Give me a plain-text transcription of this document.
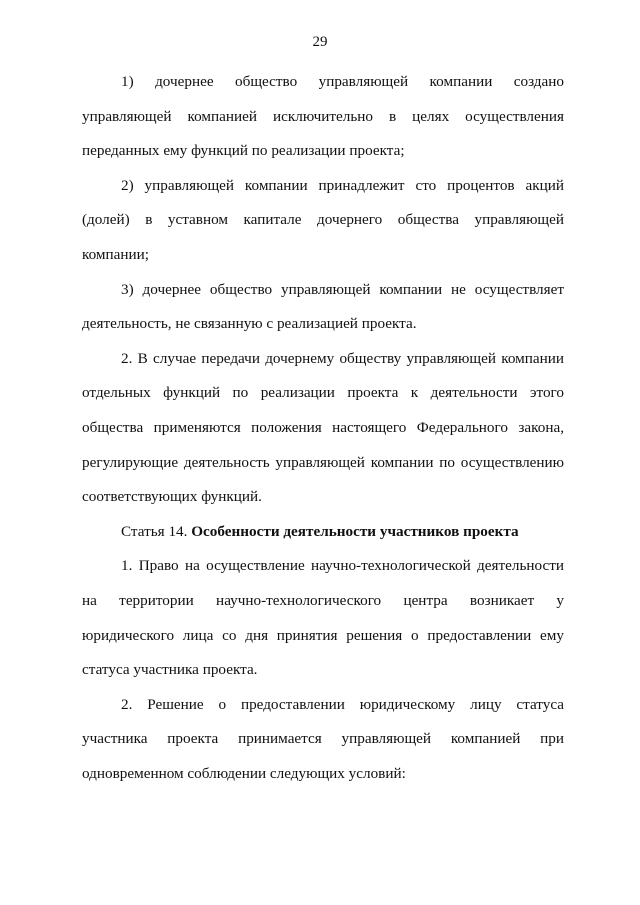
29

1) дочернее общество управляющей компании создано управляющей компанией исключительно в целях осуществления переданных ему функций по реализации проекта;

2) управляющей компании принадлежит сто процентов акций (долей) в уставном капитале дочернего общества управляющей компании;

3) дочернее общество управляющей компании не осуществляет деятельность, не связанную с реализацией проекта.

2. В случае передачи дочернему обществу управляющей компании отдельных функций по реализации проекта к деятельности этого общества применяются положения настоящего Федерального закона, регулирующие деятельность управляющей компании по осуществлению соответствующих функций.

Статья 14. Особенности деятельности участников проекта

1. Право на осуществление научно-технологической деятельности на территории научно-технологического центра возникает у юридического лица со дня принятия решения о предоставлении ему статуса участника проекта.

2. Решение о предоставлении юридическому лицу статуса участника проекта принимается управляющей компанией при одновременном соблюдении следующих условий:
